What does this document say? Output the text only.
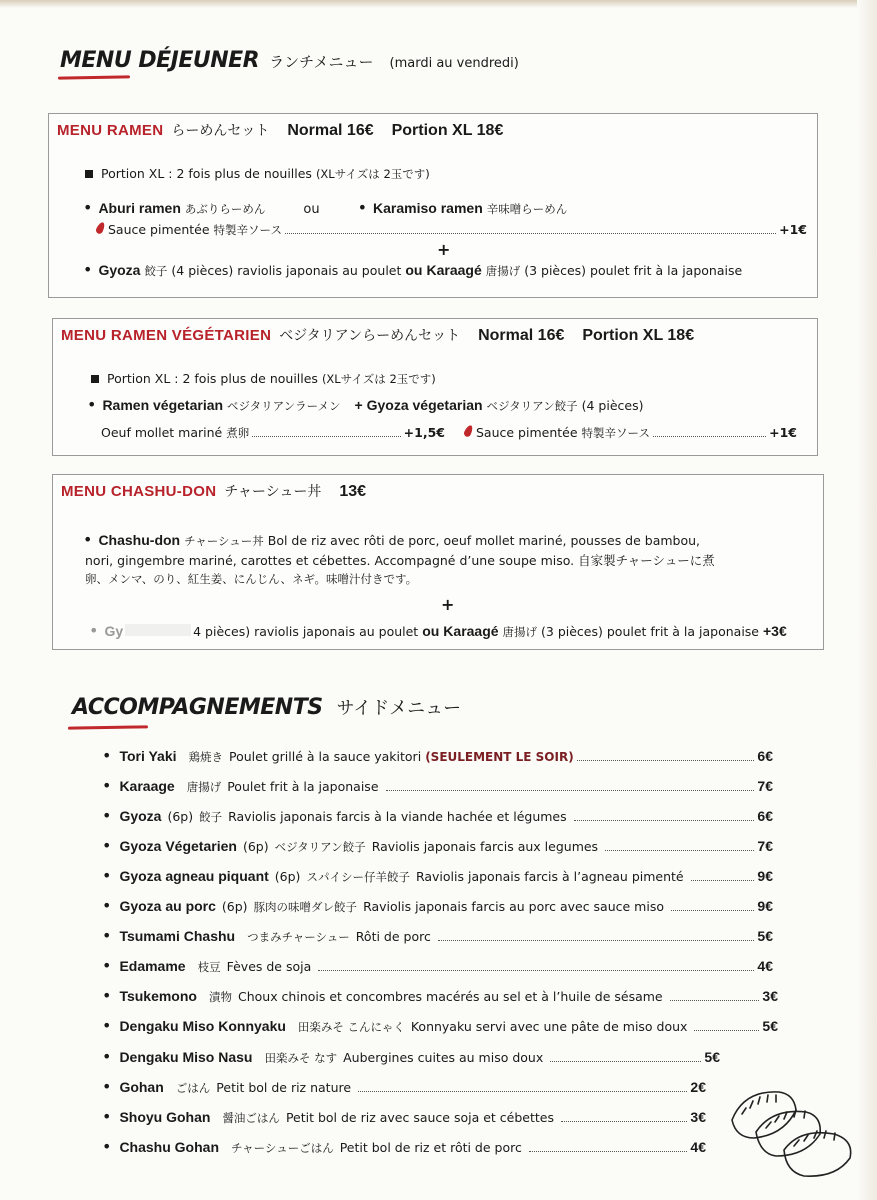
MENU DÉJEUNER ランチメニュー (mardi au vendredi)
MENU RAMEN らーめんセット Normal 16€ Portion XL 18€
Portion XL : 2 fois plus de nouilles
(XLサイズは 2玉です)
• Aburi ramen
あぶりらーめん	ou • Karamiso ramen
辛味噌らーめん
Sauce pimentée
特製辛ソース	+1€
+
• Gyoza
餃子
(4 pièces) raviolis japonais au poulet
ou
Karaagé
唐揚げ
(3 pièces) poulet frit à la japonaise
MENU RAMEN VÉGÉTARIEN ベジタリアンらーめんセット Normal 16€ Portion XL 18€
Portion XL : 2 fois plus de nouilles
(XLサイズは 2玉です)
• Ramen végetarian
ベジタリアンラーメン + Gyoza végetarian
ベジタリアン餃子
(4 pièces)
Oeuf mollet mariné
煮卵	+1,5€ Sauce pimentée
特製辛ソース	+1€
MENU CHASHU-DON チャーシュー丼 13€
• Chashu-don チャーシュー丼 Bol de riz avec rôti de porc, oeuf mollet mariné, pousses de bambou,
nori, gingembre mariné, carottes et cébettes. Accompagné d’une soupe miso. 自家製チャーシューに煮
卵、メンマ、のり、紅生姜、にんじん、ネギ。味噌汁付きです。
+
• Gy	4 pièces) raviolis japonais au poulet
ou
Karaagé
唐揚げ
(3 pièces) poulet frit à la japonaise
+3€
ACCOMPAGNEMENTS サイドメニュー
• Tori Yaki 鶏焼き Poulet grillé à la sauce yakitori (SEULEMENT LE SOIR)	6€
• Karaage 唐揚げ Poulet frit à la japonaise	7€
• Gyoza (6p) 餃子 Raviolis japonais farcis à la viande hachée et légumes	6€
• Gyoza Végetarien (6p) ベジタリアン餃子 Raviolis japonais farcis aux legumes	7€
• Gyoza agneau piquant (6p) スパイシー仔羊餃子 Raviolis japonais farcis à l’agneau pimenté	9€
• Gyoza au porc (6p) 豚肉の味噌ダレ餃子 Raviolis japonais farcis au porc avec sauce miso	9€
• Tsumami Chashu つまみチャーシュー Rôti de porc	5€
• Edamame 枝豆 Fèves de soja	4€
• Tsukemono 漬物 Choux chinois et concombres macérés au sel et à l’huile de sésame	3€
• Dengaku Miso Konnyaku 田楽みそ こんにゃく Konnyaku servi avec une pâte de miso doux	5€
• Dengaku Miso Nasu 田楽みそ なす Aubergines cuites au miso doux	5€
• Gohan ごはん Petit bol de riz nature	2€
• Shoyu Gohan 醤油ごはん Petit bol de riz avec sauce soja et cébettes	3€
• Chashu Gohan チャーシューごはん Petit bol de riz et rôti de porc	4€
